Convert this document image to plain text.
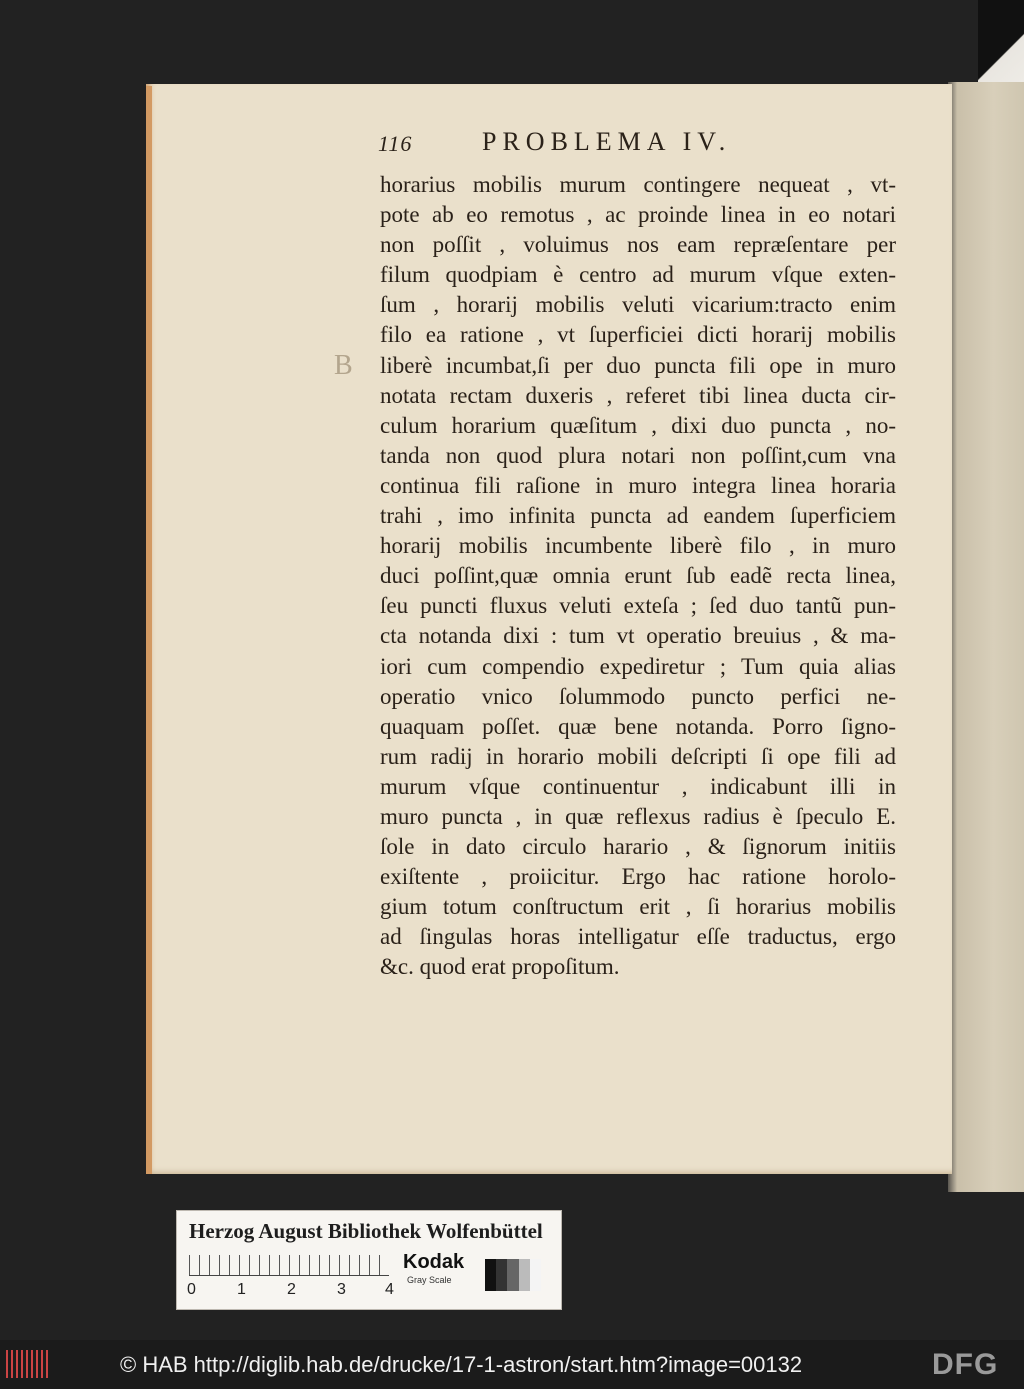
116	PROBLEMA IV.
B
horarius mobilis murum contingere nequeat , vt-
pote ab eo remotus , ac proinde linea in eo notari
non poſſit , voluimus nos eam repræſentare per
filum quodpiam è centro ad murum vſque exten-
ſum , horarij mobilis veluti vicarium:tracto enim
filo ea ratione , vt ſuperficiei dicti horarij mobilis
liberè incumbat,ſi per duo puncta fili ope in muro
notata rectam duxeris , referet tibi linea ducta cir-
culum horarium quæſitum , dixi duo puncta , no-
tanda non quod plura notari non poſſint,cum vna
continua fili raſione in muro integra linea horaria
trahi , imo infinita puncta ad eandem ſuperficiem
horarij mobilis incumbente liberè filo , in muro
duci poſſint,quæ omnia erunt ſub eadẽ recta linea,
ſeu puncti fluxus veluti exteſa ; ſed duo tantũ pun-
cta notanda dixi : tum vt operatio breuius , & ma-
iori cum compendio expediretur ; Tum quia alias
operatio vnico ſolummodo puncto perfici ne-
quaquam poſſet. quæ bene notanda. Porro ſigno-
rum radij in horario mobili deſcripti ſi ope fili ad
murum vſque continuentur , indicabunt illi in
muro puncta , in quæ reflexus radius è ſpeculo E.
ſole in dato circulo harario , & ſignorum initiis
exiſtente , proiicitur. Ergo hac ratione horolo-
gium totum conſtructum erit , ſi horarius mobilis
ad ſingulas horas intelligatur eſſe traductus, ergo
&c. quod erat propoſitum.
Herzog August Bibliothek Wolfenbüttel
0	1	2	3 4
Kodak
Gray Scale
© HAB http://diglib.hab.de/drucke/17-1-astron/start.htm?image=00132	DFG
